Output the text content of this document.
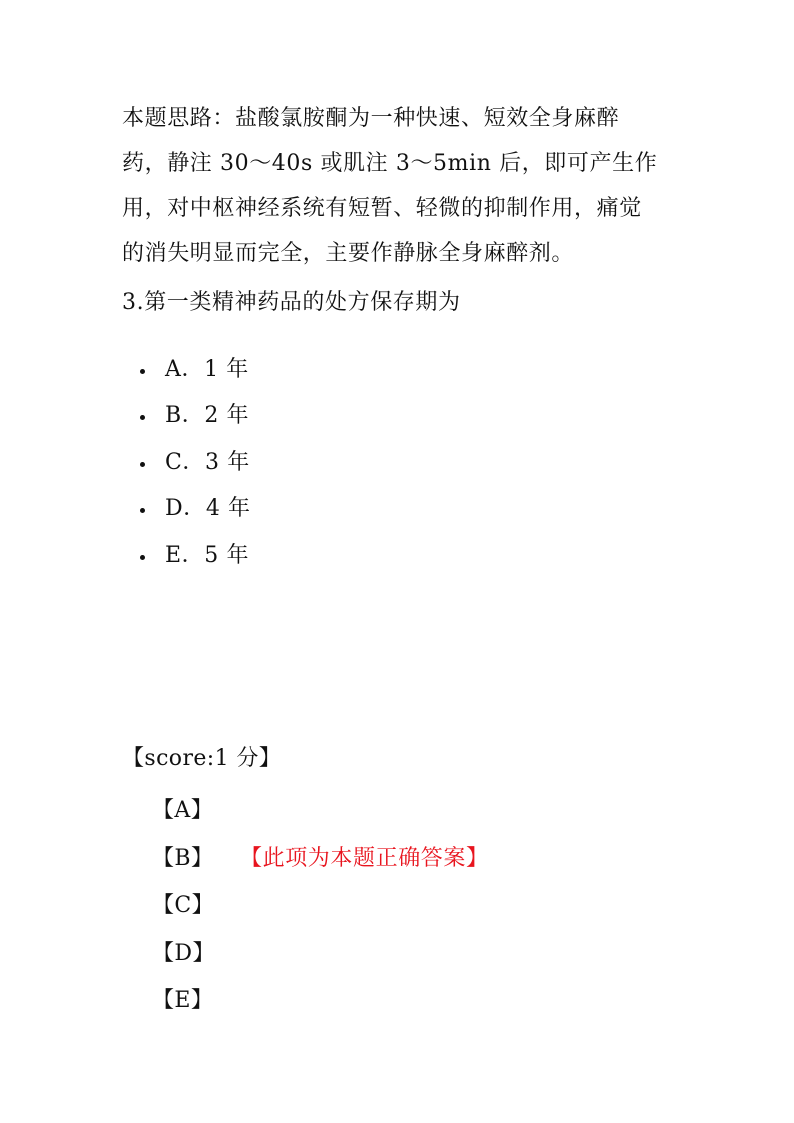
本题思路：盐酸氯胺酮为一种快速、短效全身麻醉
药，静注 30～40s 或肌注 3～5min 后，即可产生作
用，对中枢神经系统有短暂、轻微的抑制作用，痛觉
的消失明显而完全，主要作静脉全身麻醉剂。
3.第一类精神药品的处方保存期为
A．1 年
B．2 年
C．3 年
D．4 年
E．5 年
【score:1 分】
【A】
【B】	【此项为本题正确答案】
【C】
【D】
【E】
